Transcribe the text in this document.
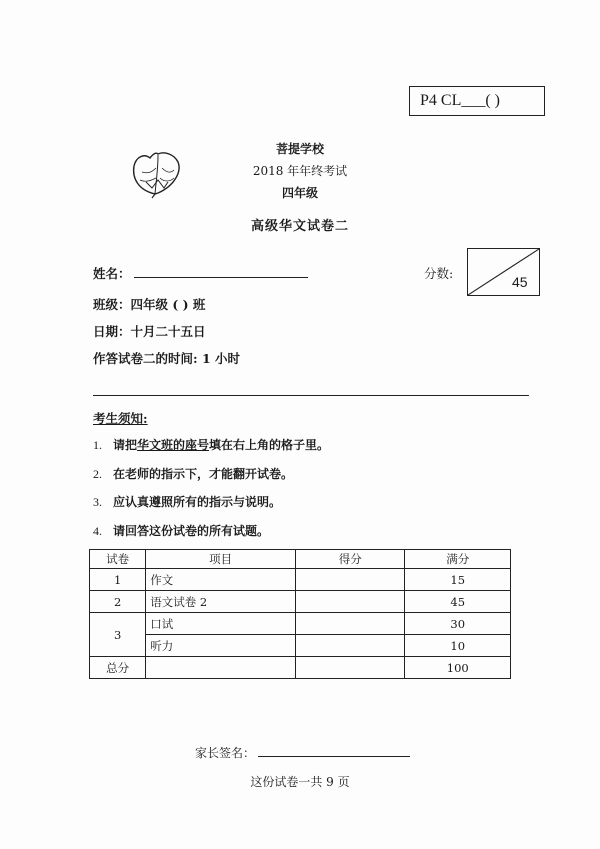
P4 CL___( )
菩提学校
2018 年年终考试
四年级
高级华文试卷二
姓名：	分数:
45
班级：四年级 ( ) 班
日期：十月二十五日
作答试卷二的时间: 1 小时
考生须知:
1. 请把华文班的座号填在右上角的格子里。
2. 在老师的指示下，才能翻开试卷。
3. 应认真遵照所有的指示与说明。
4. 请回答这份试卷的所有试题。
试卷	项目	得分	满分
1	作文		15
2	语文试卷 2		45
3	口试		30
	听力		10
总分			100
家长签名：
这份试卷一共 9 页
